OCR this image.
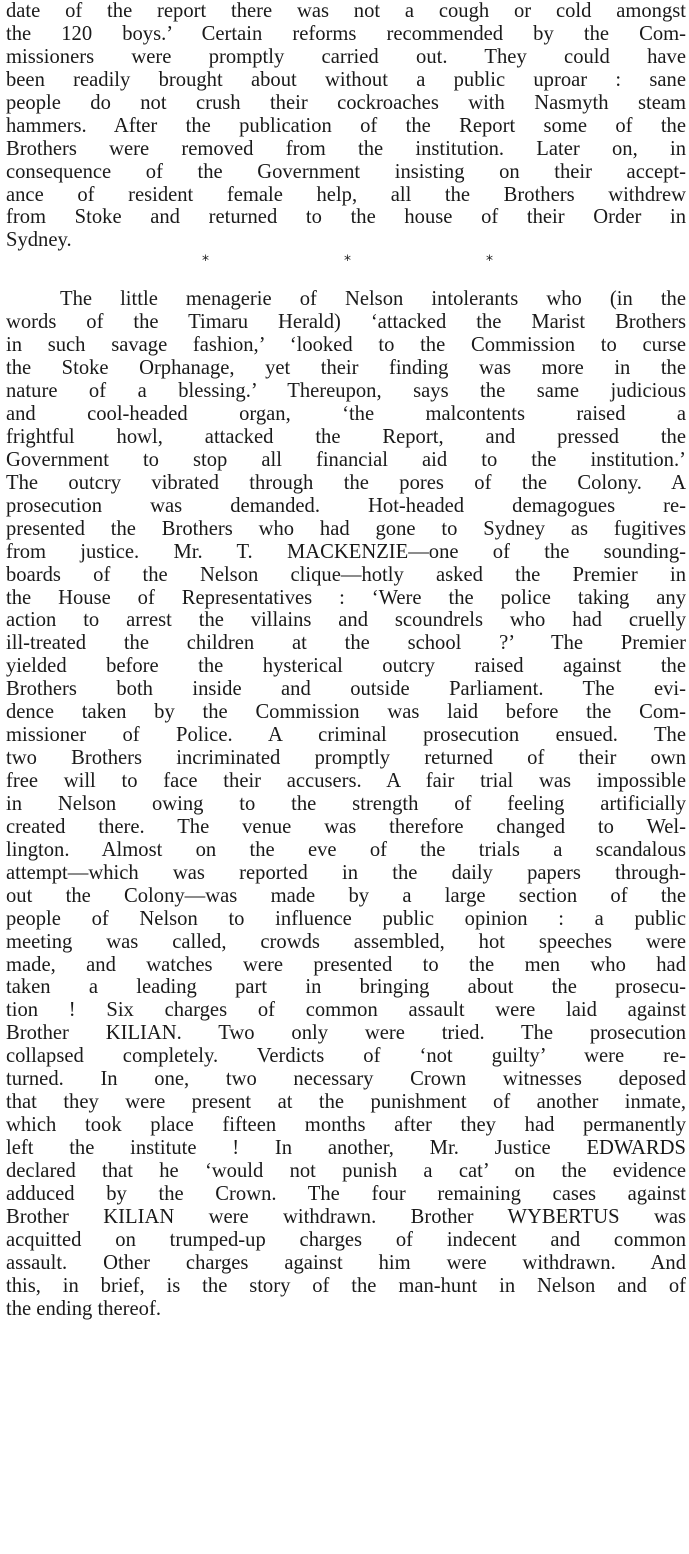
date of the report there was not a cough or cold amongst
the 120 boys.’ Certain reforms recommended by the Com-
missioners were promptly carried out. They could have
been readily brought about without a public uproar : sane
people do not crush their cockroaches with Nasmyth steam
hammers. After the publication of the Report some of the
Brothers were removed from the institution. Later on, in
consequence of the Government insisting on their accept-
ance of resident female help, all the Brothers withdrew
from Stoke and returned to the house of their Order in
Sydney.
*	*	*
The little menagerie of Nelson intolerants who (in the
words of the Timaru Herald) ‘attacked the Marist Brothers
in such savage fashion,’ ‘looked to the Commission to curse
the Stoke Orphanage, yet their finding was more in the
nature of a blessing.’ Thereupon, says the same judicious
and cool-headed organ, ‘the malcontents raised a
frightful howl, attacked the Report, and pressed the
Government to stop all financial aid to the institution.’
The outcry vibrated through the pores of the Colony. A
prosecution was demanded. Hot-headed demagogues re-
presented the Brothers who had gone to Sydney as fugitives
from justice. Mr. T. MACKENZIE—one of the sounding-
boards of the Nelson clique—hotly asked the Premier in
the House of Representatives : ‘Were the police taking any
action to arrest the villains and scoundrels who had cruelly
ill-treated the children at the school ?’ The Premier
yielded before the hysterical outcry raised against the
Brothers both inside and outside Parliament. The evi-
dence taken by the Commission was laid before the Com-
missioner of Police. A criminal prosecution ensued. The
two Brothers incriminated promptly returned of their own
free will to face their accusers. A fair trial was impossible
in Nelson owing to the strength of feeling artificially
created there. The venue was therefore changed to Wel-
lington. Almost on the eve of the trials a scandalous
attempt—which was reported in the daily papers through-
out the Colony—was made by a large section of the
people of Nelson to influence public opinion : a public
meeting was called, crowds assembled, hot speeches were
made, and watches were presented to the men who had
taken a leading part in bringing about the prosecu-
tion ! Six charges of common assault were laid against
Brother KILIAN. Two only were tried. The prosecution
collapsed completely. Verdicts of ‘not guilty’ were re-
turned. In one, two necessary Crown witnesses deposed
that they were present at the punishment of another inmate,
which took place fifteen months after they had permanently
left the institute ! In another, Mr. Justice EDWARDS
declared that he ‘would not punish a cat’ on the evidence
adduced by the Crown. The four remaining cases against
Brother KILIAN were withdrawn. Brother WYBERTUS was
acquitted on trumped-up charges of indecent and common
assault. Other charges against him were withdrawn. And
this, in brief, is the story of the man-hunt in Nelson and of
the ending thereof.
